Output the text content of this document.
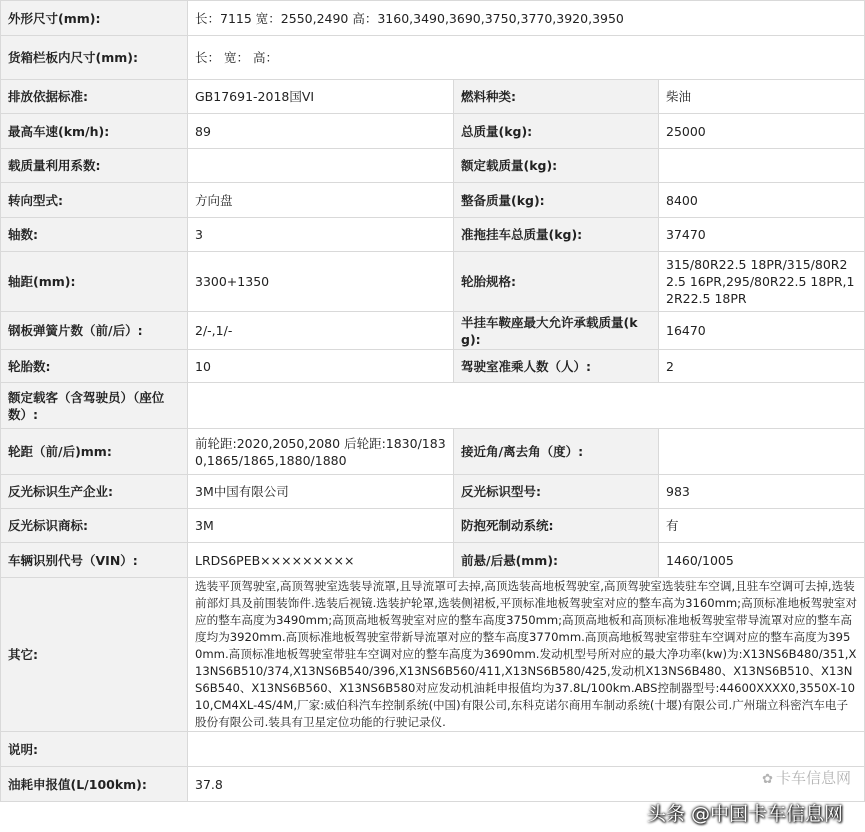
外形尺寸(mm):	长：7115 宽：2550,2490 高：3160,3490,3690,3750,3770,3920,3950		
货箱栏板内尺寸(mm):	长： 宽： 高：		
排放依据标准:	GB17691-2018国VI	燃料种类:	柴油
最高车速(km/h):	89	总质量(kg):	25000
载质量利用系数:		额定载质量(kg):	
转向型式:	方向盘	整备质量(kg):	8400
轴数:	3	准拖挂车总质量(kg):	37470
轴距(mm):	3300+1350	轮胎规格:	315/80R22.5 18PR/315/80R22.5 16PR,295/80R22.5 18PR,12R22.5 18PR
钢板弹簧片数（前/后）:	2/-,1/-	半挂车鞍座最大允许承载质量(kg):	16470
轮胎数:	10	驾驶室准乘人数（人）:	2
额定载客（含驾驶员）（座位数）:			
轮距（前/后)mm:	前轮距:2020,2050,2080 后轮距:1830/1830,1865/1865,1880/1880	接近角/离去角（度）:	
反光标识生产企业:	3M中国有限公司	反光标识型号:	983
反光标识商标:	3M	防抱死制动系统:	有
车辆识别代号（VIN）:	LRDS6PEB×××××××××	前悬/后悬(mm):	1460/1005
其它:	选装平顶驾驶室,高顶驾驶室选装导流罩,且导流罩可去掉,高顶选装高地板驾驶室,高顶驾驶室选装驻车空调,且驻车空调可去掉,选装前部灯具及前围装饰件.选装后视镜.选装护轮罩,选装侧裙板,平顶标准地板驾驶室对应的整车高为3160mm;高顶标准地板驾驶室对应的整车高度为3490mm;高顶高地板驾驶室对应的整车高度3750mm;高顶高地板和高顶标准地板驾驶室带导流罩对应的整车高度均为3920mm.高顶标准地板驾驶室带新导流罩对应的整车高度3770mm.高顶高地板驾驶室带驻车空调对应的整车高度为3950mm.高顶标准地板驾驶室带驻车空调对应的整车高度为3690mm.发动机型号所对应的最大净功率(kw)为:X13NS6B480/351,X13NS6B510/374,X13NS6B540/396,X13NS6B560/411,X13NS6B580/425,发动机X13NS6B480、X13NS6B510、X13NS6B540、X13NS6B560、X13NS6B580对应发动机油耗申报值均为37.8L/100km.ABS控制器型号:44600XXXX0,3550X-1010,CM4XL-4S/4M,厂家:威伯科汽车控制系统(中国)有限公司,东科克诺尔商用车制动系统(十堰)有限公司.广州瑞立科密汽车电子股份有限公司.装具有卫星定位功能的行驶记录仪.		
说明:			
油耗申报值(L/100km):	37.8			✿ 卡车信息网
头条 @中国卡车信息网
